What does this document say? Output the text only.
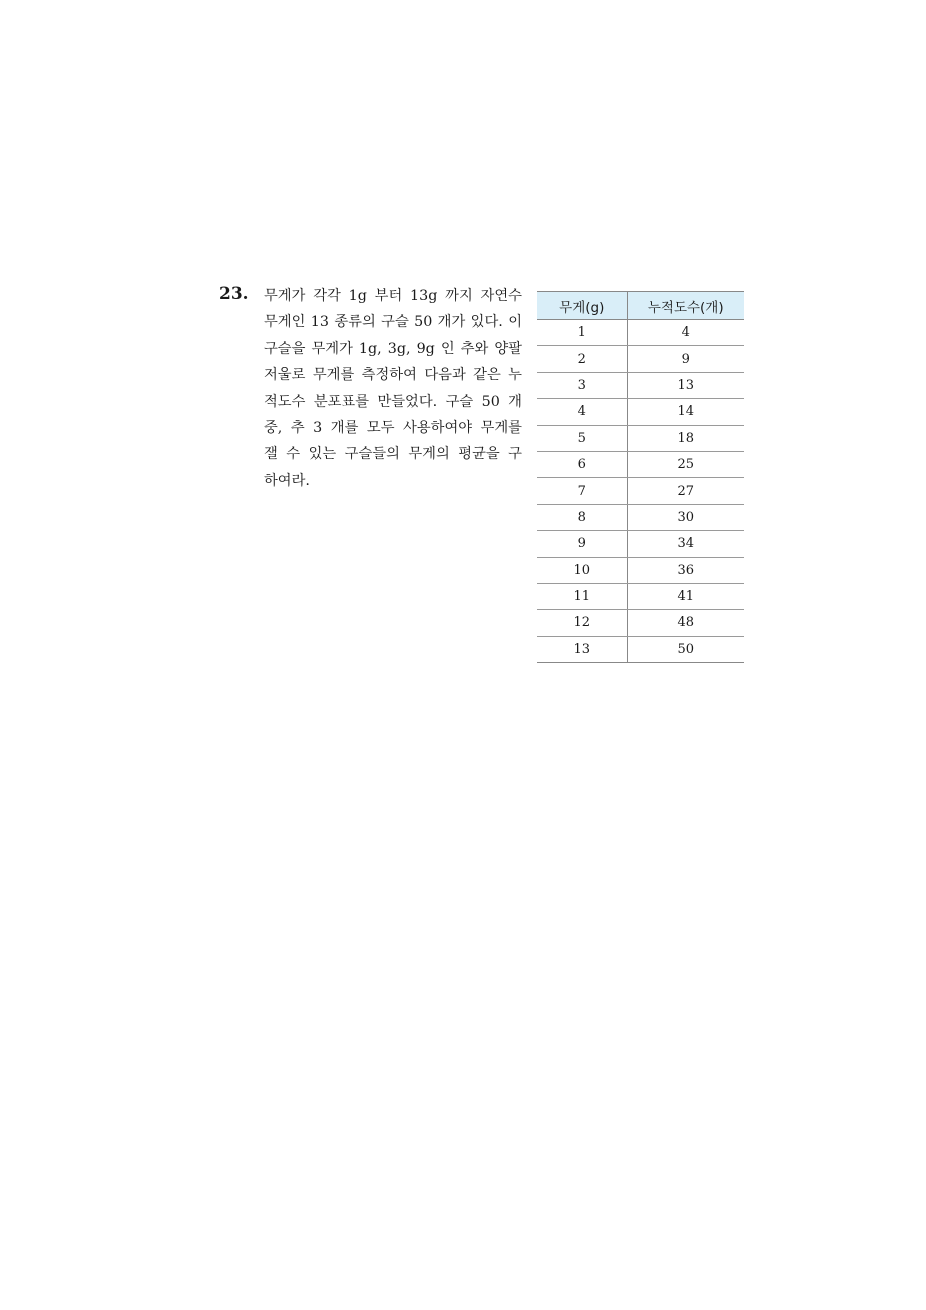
23. 무게가 각각 1g 부터 13g 까지 자연수
무게인 13 종류의 구슬 50 개가 있다. 이
구슬을 무게가 1g, 3g, 9g 인 추와 양팔
저울로 무게를 측정하여 다음과 같은 누
적도수 분포표를 만들었다. 구슬 50 개
중, 추 3 개를 모두 사용하여야 무게를
잴 수 있는 구슬들의 무게의 평균을 구
하여라.
무게(g)	누적도수(개)
1	4
2	9
3	13
4	14
5	18
6	25
7	27
8	30
9	34
10	36
11	41
12	48
13	50
